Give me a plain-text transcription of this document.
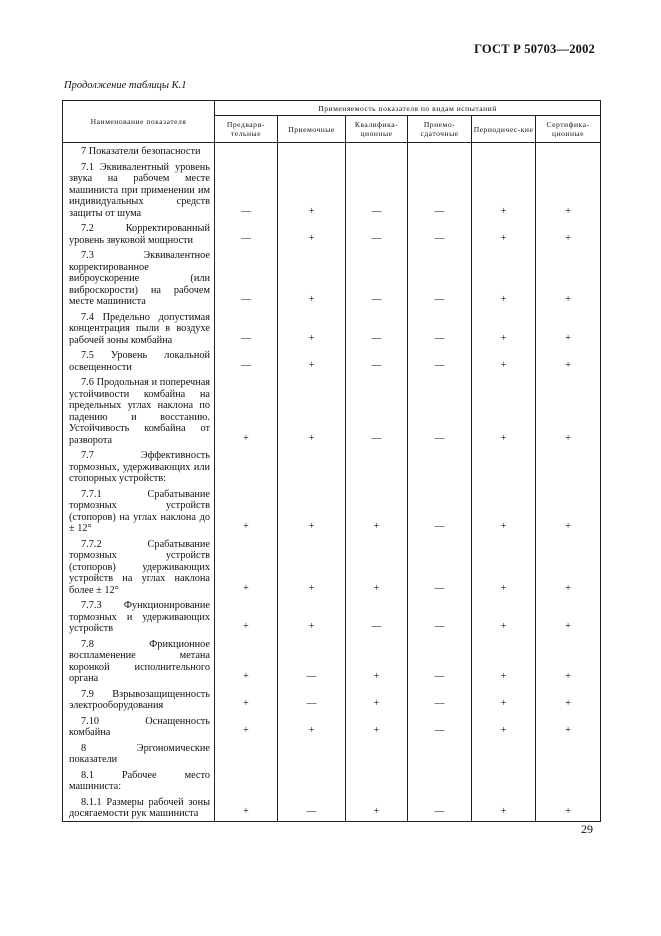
ГОСТ Р 50703—2002
Продолжение таблицы К.1
Наименование показателя	Применяемость показателя по видам испытаний					
	Предвари-тельные	Приемочные	Квалифика-ционные	Приемо-сдаточные	Периодичес-кие	Сертифика-ционные

7 Показатели безопасности						

7.1 Эквивалентный уровень звука на рабочем месте машиниста при применении им индивидуальных средств защиты от шума	—	+	—	—	+	+

7.2 Корректированный уровень звуковой мощности	—	+	—	—	+	+

7.3 Эквивалентное корректированное виброускорение (или виброскорости) на рабочем месте машиниста	—	+	—	—	+	+

7.4 Предельно допустимая концентрация пыли в воздухе рабочей зоны комбайна	—	+	—	—	+	+

7.5 Уровень локальной освещенности	—	+	—	—	+	+

7.6 Продольная и поперечная устойчивости комбайна на предельных углах наклона по падению и восстанию. Устойчивость комбайна от разворота	+	+	—	—	+	+

7.7 Эффективность тормозных, удерживающих или стопорных устройств:						

7.7.1 Срабатывание тормозных устройств (стопоров) на углах наклона до ± 12°	+	+	+	—	+	+

7.7.2 Срабатывание тормозных устройств (стопоров) удерживающих устройств на углах наклона более ± 12°	+	+	+	—	+	+

7.7.3 Функционирование тормозных и удерживающих устройств	+	+	—	—	+	+

7.8 Фрикционное воспламенение метана коронкой исполнительного органа	+	—	+	—	+	+

7.9 Взрывозащищенность электрооборудования	+	—	+	—	+	+

7.10 Оснащенность комбайна	+	+	+	—	+	+

8 Эргономические показатели						

8.1 Рабочее место машиниста:						

8.1.1 Размеры рабочей зоны досягаемости рук машиниста	+	—	+	—	+	+
29
